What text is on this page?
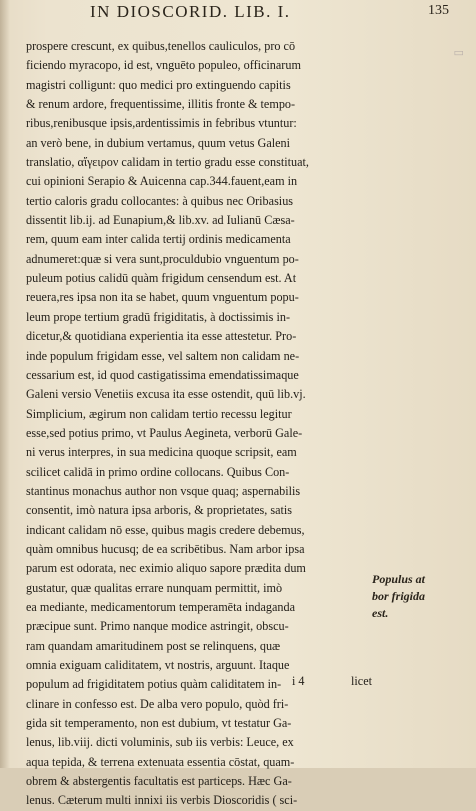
▭
IN DIOSCORID. LIB. I.	135
prospere crescunt, ex quibus,tenellos cauliculos, pro cō
ficiendo myracopo, id est, vnguēto populeo, officinarum
magistri colligunt: quo medici pro extinguendo capitis
& renum ardore, frequentissime, illitis fronte & tempo-
ribus,renibusque ipsis,ardentissimis in febribus vtuntur:
an verò bene, in dubium vertamus, quum vetus Galeni
translatio, αἴγειρον calidam in tertio gradu esse constituat,
cui opinioni Serapio & Auicenna cap.344.fauent,eam in
tertio caloris gradu collocantes: à quibus nec Oribasius
dissentit lib.ij. ad Eunapium,& lib.xv. ad Iulianū Cæsa-
rem, quum eam inter calida tertij ordinis medicamenta
adnumeret:quæ si vera sunt,proculdubio vnguentum po-
puleum potius calidū quàm frigidum censendum est. At
reuera,res ipsa non ita se habet, quum vnguentum popu-
leum prope tertium gradū frigiditatis, à doctissimis in-
dicetur,& quotidiana experientia ita esse attestetur. Pro-
inde populum frigidam esse, vel saltem non calidam ne-
cessarium est, id quod castigatissima emendatissimaque
Galeni versio Venetiis excusa ita esse ostendit, quū lib.vj.
Simplicium, ægirum non calidam tertio recessu legitur
esse,sed potius primo, vt Paulus Aegineta, verborū Gale-
ni verus interpres, in sua medicina quoque scripsit, eam
scilicet calidā in primo ordine collocans. Quibus Con-
stantinus monachus author non vsque quaq; aspernabilis
consentit, imò natura ipsa arboris, & proprietates, satis
indicant calidam nō esse, quibus magis credere debemus,
quàm omnibus hucusq; de ea scribētibus. Nam arbor ipsa
parum est odorata, nec eximio aliquo sapore prædita dum
gustatur, quæ qualitas errare nunquam permittit, imò
ea mediante, medicamentorum temperamēta indaganda
præcipue sunt. Primo nanque modice astringit, obscu-
ram quandam amaritudinem post se relinquens, quæ
omnia exiguam caliditatem, vt nostris, arguunt. Itaque
populum ad frigiditatem potius quàm caliditatem in-
clinare in confesso est. De alba vero populo, quòd fri-
gida sit temperamento, non est dubium, vt testatur Ga-
lenus, lib.viij. dicti voluminis, sub iis verbis: Leuce, ex
aqua tepida, & terrena extenuata essentia cōstat, quam-
obrem & abstergentis facultatis est particeps. Hæc Ga-
lenus. Cæterum multi innixi iis verbis Dioscoridis ( sci-
Populus at
bor frigida
est.
i 4	licet
